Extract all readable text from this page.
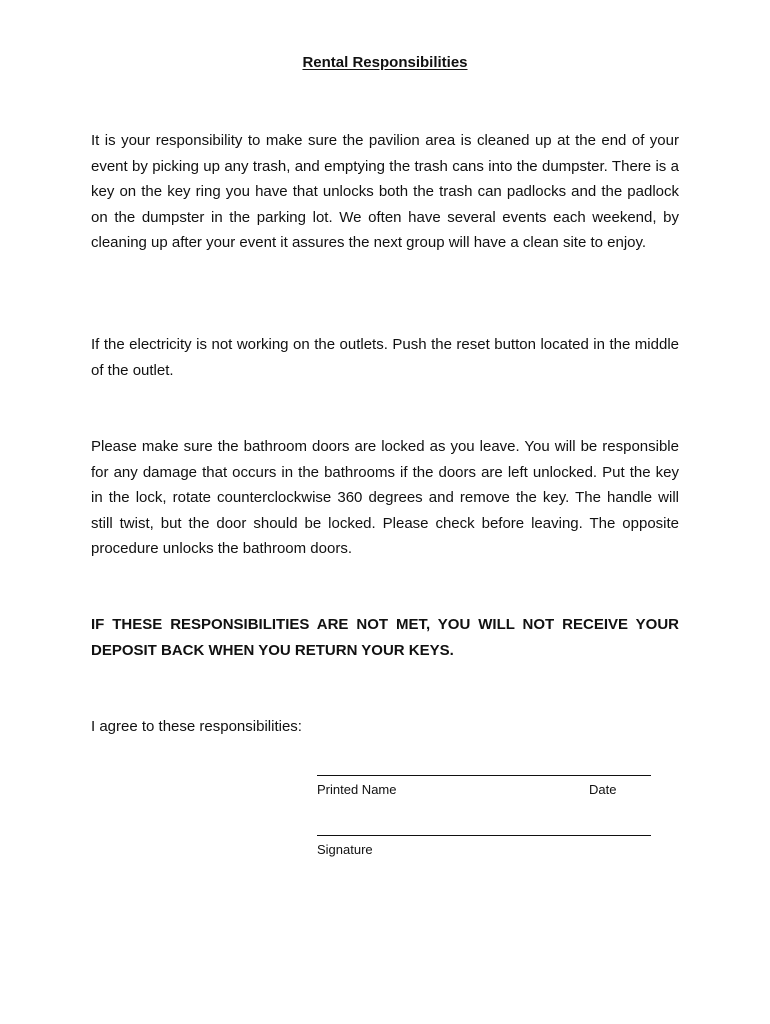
Rental Responsibilities

It is your responsibility to make sure the pavilion area is cleaned up at the end of your event by picking up any trash, and emptying the trash cans into the dumpster. There is a key on the key ring you have that unlocks both the trash can padlocks and the padlock on the dumpster in the parking lot. We often have several events each weekend, by cleaning up after your event it assures the next group will have a clean site to enjoy.

If the electricity is not working on the outlets. Push the reset button located in the middle of the outlet.

Please make sure the bathroom doors are locked as you leave. You will be responsible for any damage that occurs in the bathrooms if the doors are left unlocked. Put the key in the lock, rotate counterclockwise 360 degrees and remove the key. The handle will still twist, but the door should be locked. Please check before leaving. The opposite procedure unlocks the bathroom doors.

IF THESE RESPONSIBILITIES ARE NOT MET, YOU WILL NOT RECEIVE YOUR DEPOSIT BACK WHEN YOU RETURN YOUR KEYS.

I agree to these responsibilities:

Printed Name	Date
Signature
